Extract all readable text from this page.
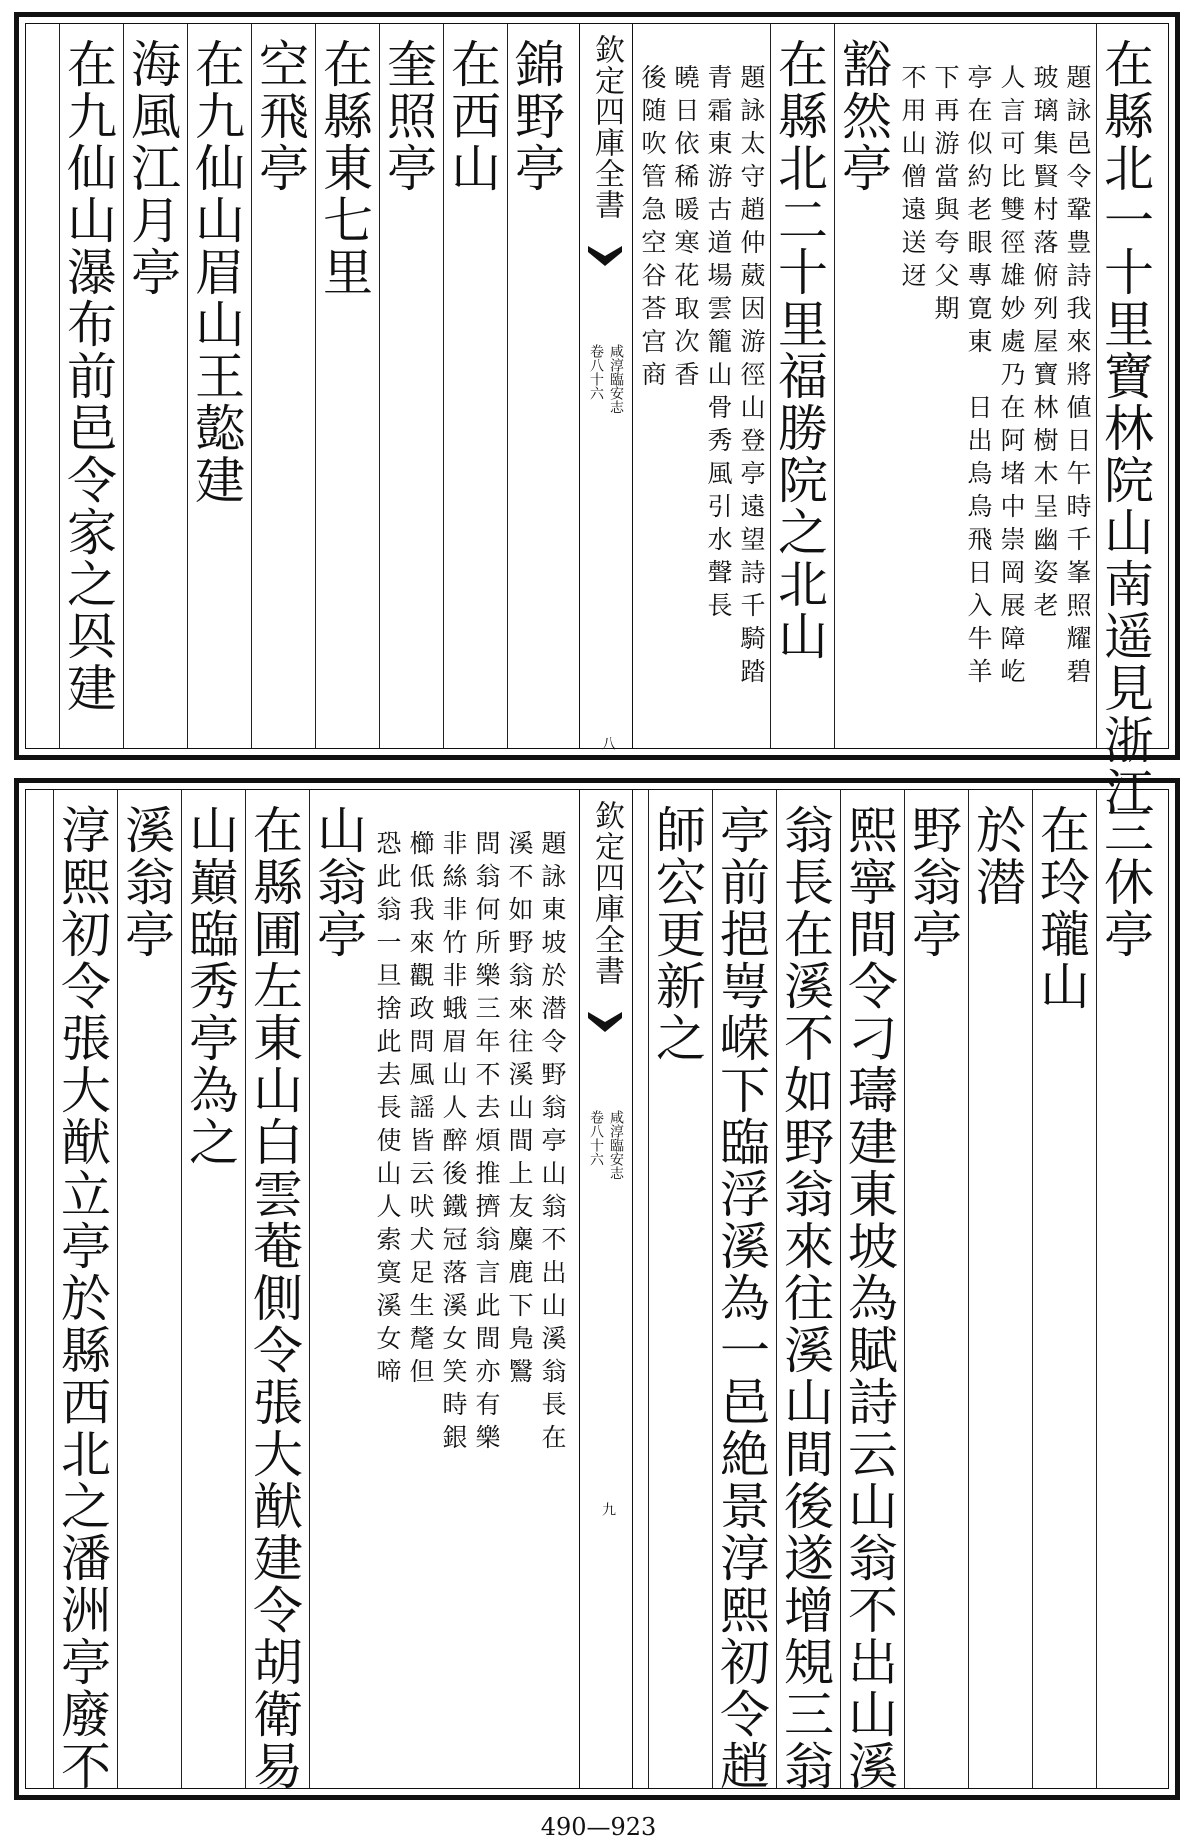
欽定四庫全書
咸淳臨安志
卷八十六
八	在縣北一十里寶林院山南遥見浙江
題詠邑令鞏豊詩我來將値日午時千峯照耀碧
玻璃集賢村落俯列屋寶林樹木呈幽姿老
人言可比雙徑雄妙處乃在阿堵中崇岡展障屹
亭在似約老眼專寛東　日出烏烏飛日入牛羊
下再游當與夸父期
不用山僧遠送迓
豁然亭
在縣北二十里福勝院之北山
題詠太守趙仲葳因游徑山登亭遠望詩千騎踏
青霜東游古道場雲籠山骨秀風引水聲長
曉日依稀暖寒花取次香
後随吹管急空谷荅宫商
錦野亭
在西山
奎照亭
在縣東七里
空飛亭
在九仙山眉山王㦤建
海風江月亭
在九仙山瀑布前邑令家之㒷建
欽定四庫全書
咸淳臨安志
卷八十六
九
三休亭
在玲瓏山
於潜
野翁亭
熙寧間令刁璹建東坡為賦詩云山翁不出山溪
翁長在溪不如野翁來往溪山間後遂增䂓三翁
亭前挹㟧嵘下臨浮溪為一邑絶景淳熙初令趙
師㝐更新之
題詠東坡於潜令野翁亭山翁不出山溪翁長在
溪不如野翁來往溪山間上友麋鹿下鳬鷖
問翁何所樂三年不去煩推擠翁言此間亦有樂
非絲非竹非蛾眉山人醉後鐵冠落溪女笑時銀
櫛低我來觀政問風謡皆云吠犬足生氂但
恐此翁一旦捨此去長使山人索寞溪女啼
山翁亭
在縣圃左東山白雲菴側令張大猷建令胡衛易
山巔臨秀亭為之
溪翁亭
淳熙初令張大猷立亭於縣西北之潘洲亭廢不
490—923
